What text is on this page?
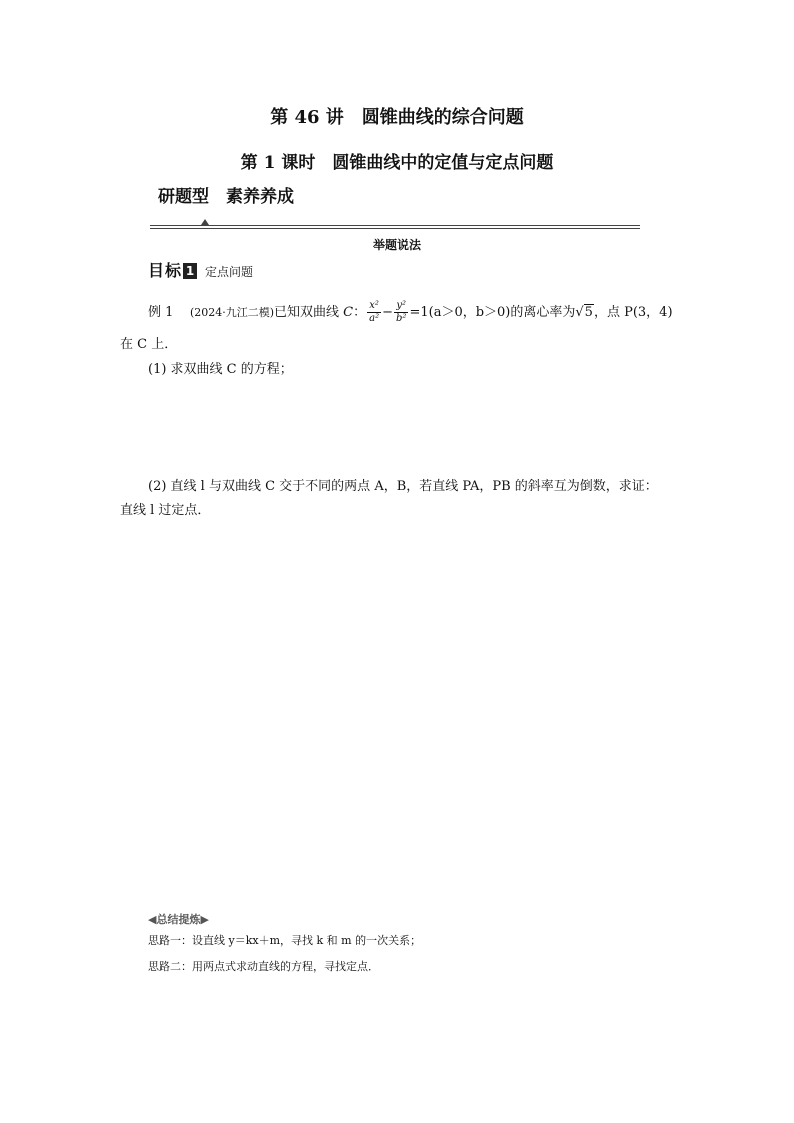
第 46 讲　圆锥曲线的综合问题
第 1 课时　圆锥曲线中的定值与定点问题
研题型　素养养成
举题说法
目标 1 定点问题
例 1 (2024·九江二模)已知双曲线 C： $\frac{\text{x²}}{\text{a²}} - \frac{\text{y²}}{\text{b²}} =1(a>0$，b＞0)的离心率为√5，点 P(3，4)
在 C 上．
(1) 求双曲线 C 的方程；
(2) 直线 l 与双曲线 C 交于不同的两点 A，B，若直线 PA，PB 的斜率互为倒数，求证：
直线 l 过定点．
◀总结提炼▶
思路一：设直线 y＝kx＋m，寻找 k 和 m 的一次关系；
思路二：用两点式求动直线的方程，寻找定点．
